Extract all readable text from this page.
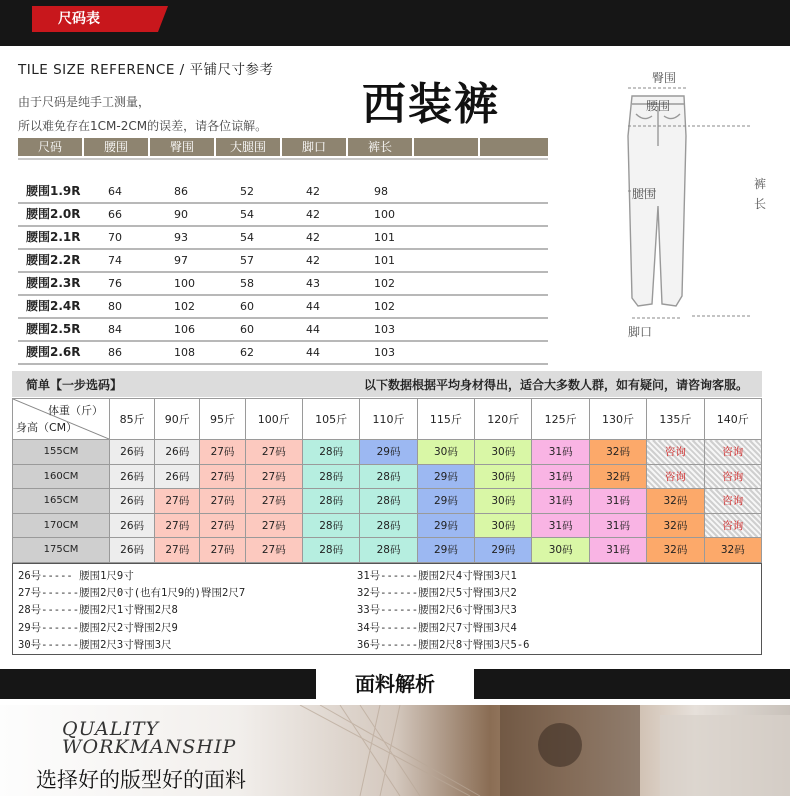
尺码表
TILE SIZE REFERENCE / 平铺尺寸参考
由于尺码是纯手工测量，
所以难免存在1CM-2CM的误差，请各位谅解。 西装裤
尺码	腰围	臀围	大腿围	脚口	裤长
腰围1.9R	64	86	52	42	98
腰围2.0R	66	90	54	42	100
腰围2.1R	70	93	54	42	101
腰围2.2R	74	97	57	42	101
腰围2.3R	76	100	58	43	102
腰围2.4R	80	102	60	44	102
腰围2.5R	84	106	60	44	103
腰围2.6R	86	108	62	44	103
臀围
腰围
腿围
脚口
裤
长
简单【一步选码】	以下数据根据平均身材得出，适合大多数人群，如有疑问，请咨询客服。
体重（斤）
身高（CM）	85斤	90斤	95斤	100斤	105斤	110斤	115斤	120斤	125斤	130斤	135斤	140斤
155CM	26码	26码	27码	27码	28码	29码	30码	30码	31码	32码	咨询	咨询
160CM	26码	26码	27码	27码	28码	28码	29码	30码	31码	32码	咨询	咨询
165CM	26码	27码	27码	27码	28码	28码	29码	30码	31码	31码	32码	咨询
170CM	26码	27码	27码	27码	28码	28码	29码	30码	31码	31码	32码	咨询
175CM	26码	27码	27码	27码	28码	28码	29码	29码	30码	31码	32码	32码
26号----- 腰围1尺9寸
27号------腰围2尺0寸(也有1尺9的)臀围2尺7
28号------腰围2尺1寸臀围2尺8
29号------腰围2尺2寸臀围2尺9
30号------腰围2尺3寸臀围3尺
31号------腰围2尺4寸臀围3尺1
32号------腰围2尺5寸臀围3尺2
33号------腰围2尺6寸臀围3尺3
34号------腰围2尺7寸臀围3尺4
36号------腰围2尺8寸臀围3尺5-6
面料解析
QUALITY
WORKMANSHIP
选择好的版型好的面料
